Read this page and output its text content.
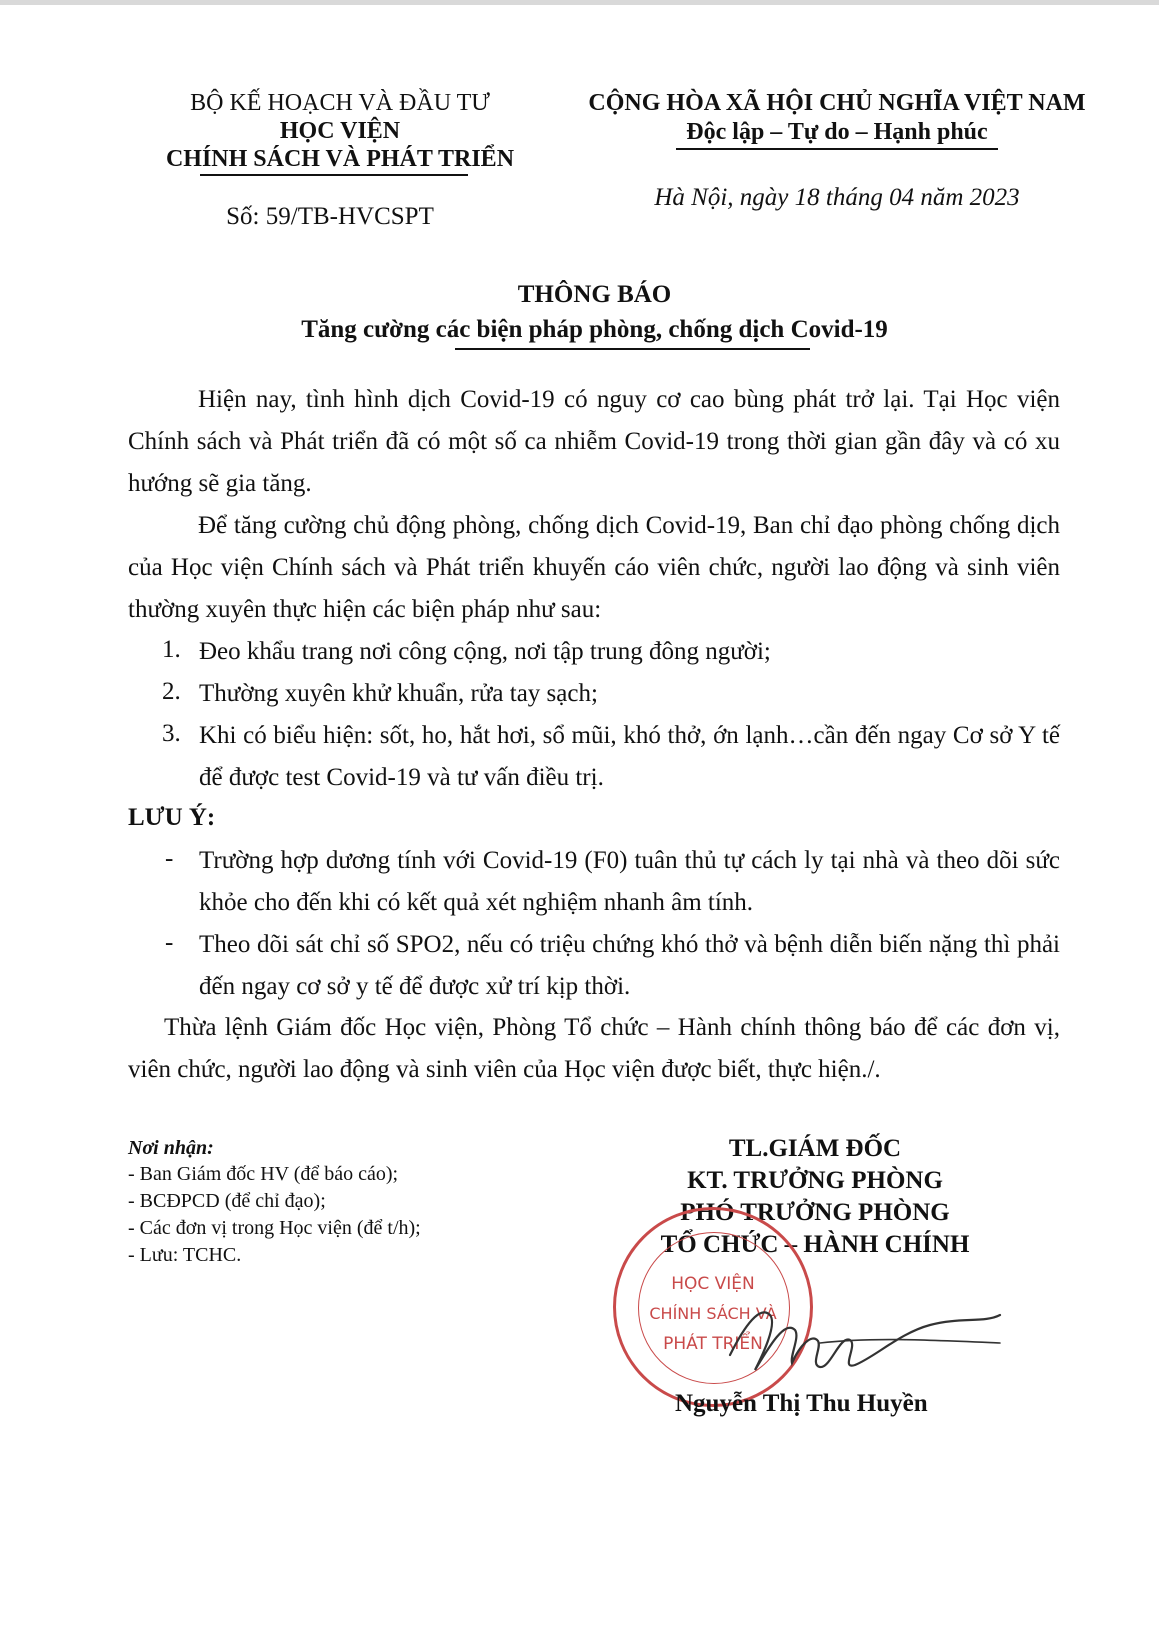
BỘ KẾ HOẠCH VÀ ĐẦU TƯ
HỌC VIỆN
CHÍNH SÁCH VÀ PHÁT TRIỂN
Số: 59/TB-HVCSPT
CỘNG HÒA XÃ HỘI CHỦ NGHĨA VIỆT NAM
Độc lập – Tự do – Hạnh phúc
Hà Nội, ngày 18 tháng 04 năm 2023
THÔNG BÁO
Tăng cường các biện pháp phòng, chống dịch Covid-19
Hiện nay, tình hình dịch Covid-19 có nguy cơ cao bùng phát trở lại. Tại Học viện Chính sách và Phát triển đã có một số ca nhiễm Covid-19 trong thời gian gần đây và có xu hướng sẽ gia tăng.
Để tăng cường chủ động phòng, chống dịch Covid-19, Ban chỉ đạo phòng chống dịch của Học viện Chính sách và Phát triển khuyến cáo viên chức, người lao động và sinh viên thường xuyên thực hiện các biện pháp như sau:
1. Đeo khẩu trang nơi công cộng, nơi tập trung đông người;
2. Thường xuyên khử khuẩn, rửa tay sạch;
3. Khi có biểu hiện: sốt, ho, hắt hơi, sổ mũi, khó thở, ớn lạnh…cần đến ngay Cơ sở Y tế để được test Covid-19 và tư vấn điều trị.
LƯU Ý:
- Trường hợp dương tính với Covid-19 (F0) tuân thủ tự cách ly tại nhà và theo dõi sức khỏe cho đến khi có kết quả xét nghiệm nhanh âm tính.
- Theo dõi sát chỉ số SPO2, nếu có triệu chứng khó thở và bệnh diễn biến nặng thì phải đến ngay cơ sở y tế để được xử trí kịp thời.
Thừa lệnh Giám đốc Học viện, Phòng Tổ chức – Hành chính thông báo để các đơn vị, viên chức, người lao động và sinh viên của Học viện được biết, thực hiện./.
Nơi nhận:
- Ban Giám đốc HV (để báo cáo);
- BCĐPCD (để chỉ đạo);
- Các đơn vị trong Học viện (để t/h);
- Lưu: TCHC.
TL.GIÁM ĐỐC
KT. TRƯỞNG PHÒNG
PHÓ TRƯỞNG PHÒNG
TỔ CHỨC – HÀNH CHÍNH
HỌC VIỆN
CHÍNH SÁCH VÀ
PHÁT TRIỂN
Nguyễn Thị Thu Huyền
